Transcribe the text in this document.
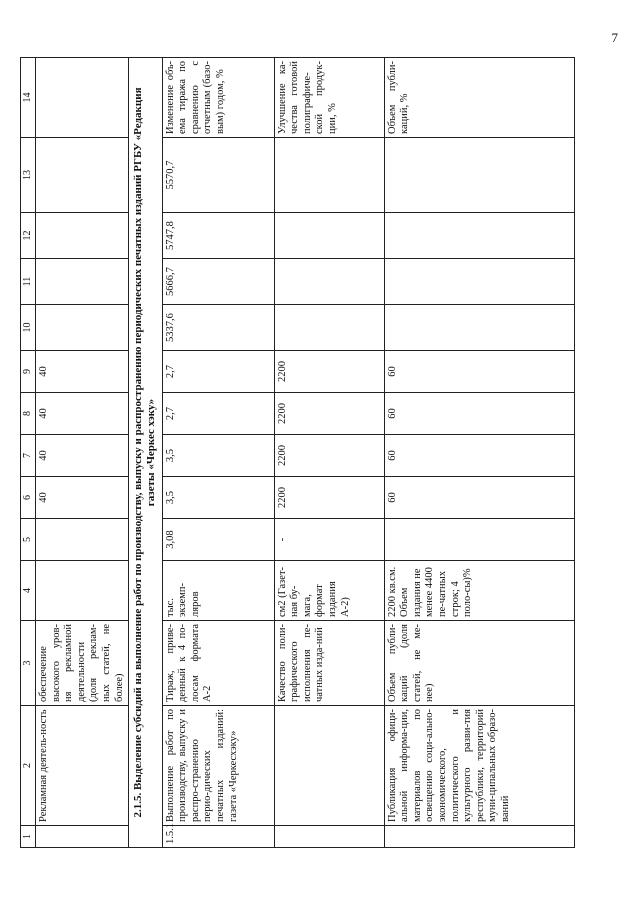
7
1	2	3	4	5	6	7	8	9	10	11	12	13	14
	Рекламная деятель-ность	обеспечение высокого уров-ня рекламной деятельности (доля реклам-ных статей, не более)			40	40	40	40					
2.1.5. Выделение субсидий на выполнение работ по производству, выпуску и распространению периодических печатных изданий РГБУ «Редакция газеты «Черкес хэку»													
1.5.1	Выполнение работ по производству, выпуску и распро-странению перио-дических печатных изданий: газета «Черкесхэку»	Тираж, приве-денный к 4 по-лосам формата А-2	тыс. экземп-ляров	3,08	3,5	3,5	2,7	2,7	5337,6	5666,7	5747,8	5570,7	Изменение объ-ема тиража по сравнению с отчетным (базо-вым) годом, %
		Качество поли-графического исполнения пе-чатных изда-ний	см2 (Газет-ная бу-мага, формат издания А-2)	-	2200	2200	2200	2200					Улучшение ка-чества готовой полиграфиче-ской продук-ции, %
	Публикация офици-альной информа-ции, материалов по освещению соци-ально-экономического, политического и культурного разви-тия республики, территорий муни-ципальных образо-ваний	Объем публи-каций (доля статей, не ме-нее)	2200 кв.см. Объем издания не менее 4400 пе-чатных строк; 4 поло-сы)%		60	60	60	60					Объем публи-каций, %
